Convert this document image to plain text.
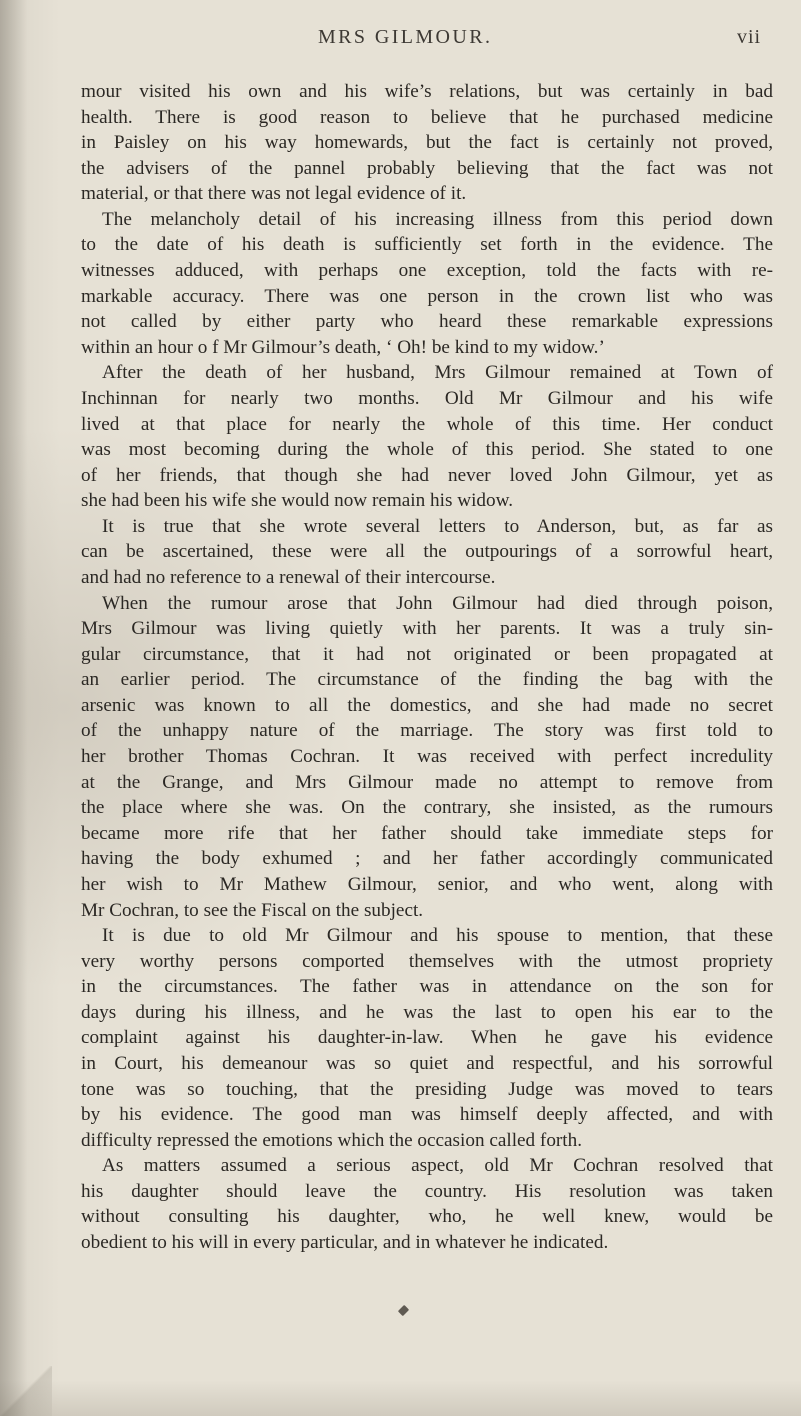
MRS GILMOUR.	vii
mour visited his own and his wife’s relations, but was certainly in bad
health. There is good reason to believe that he purchased medicine
in Paisley on his way homewards, but the fact is certainly not proved,
the advisers of the pannel probably believing that the fact was not
material, or that there was not legal evidence of it.
The melancholy detail of his increasing illness from this period down
to the date of his death is sufficiently set forth in the evidence. The
witnesses adduced, with perhaps one exception, told the facts with re-
markable accuracy. There was one person in the crown list who was
not called by either party who heard these remarkable expressions
within an hour o f Mr Gilmour’s death, ‘ Oh! be kind to my widow.’
After the death of her husband, Mrs Gilmour remained at Town of
Inchinnan for nearly two months. Old Mr Gilmour and his wife
lived at that place for nearly the whole of this time. Her conduct
was most becoming during the whole of this period. She stated to one
of her friends, that though she had never loved John Gilmour, yet as
she had been his wife she would now remain his widow.
It is true that she wrote several letters to Anderson, but, as far as
can be ascertained, these were all the outpourings of a sorrowful heart,
and had no reference to a renewal of their intercourse.
When the rumour arose that John Gilmour had died through poison,
Mrs Gilmour was living quietly with her parents. It was a truly sin-
gular circumstance, that it had not originated or been propagated at
an earlier period. The circumstance of the finding the bag with the
arsenic was known to all the domestics, and she had made no secret
of the unhappy nature of the marriage. The story was first told to
her brother Thomas Cochran. It was received with perfect incredulity
at the Grange, and Mrs Gilmour made no attempt to remove from
the place where she was. On the contrary, she insisted, as the rumours
became more rife that her father should take immediate steps for
having the body exhumed ; and her father accordingly communicated
her wish to Mr Mathew Gilmour, senior, and who went, along with
Mr Cochran, to see the Fiscal on the subject.
It is due to old Mr Gilmour and his spouse to mention, that these
very worthy persons comported themselves with the utmost propriety
in the circumstances. The father was in attendance on the son for
days during his illness, and he was the last to open his ear to the
complaint against his daughter-in-law. When he gave his evidence
in Court, his demeanour was so quiet and respectful, and his sorrowful
tone was so touching, that the presiding Judge was moved to tears
by his evidence. The good man was himself deeply affected, and with
difficulty repressed the emotions which the occasion called forth.
As matters assumed a serious aspect, old Mr Cochran resolved that
his daughter should leave the country. His resolution was taken
without consulting his daughter, who, he well knew, would be
obedient to his will in every particular, and in whatever he indicated.
